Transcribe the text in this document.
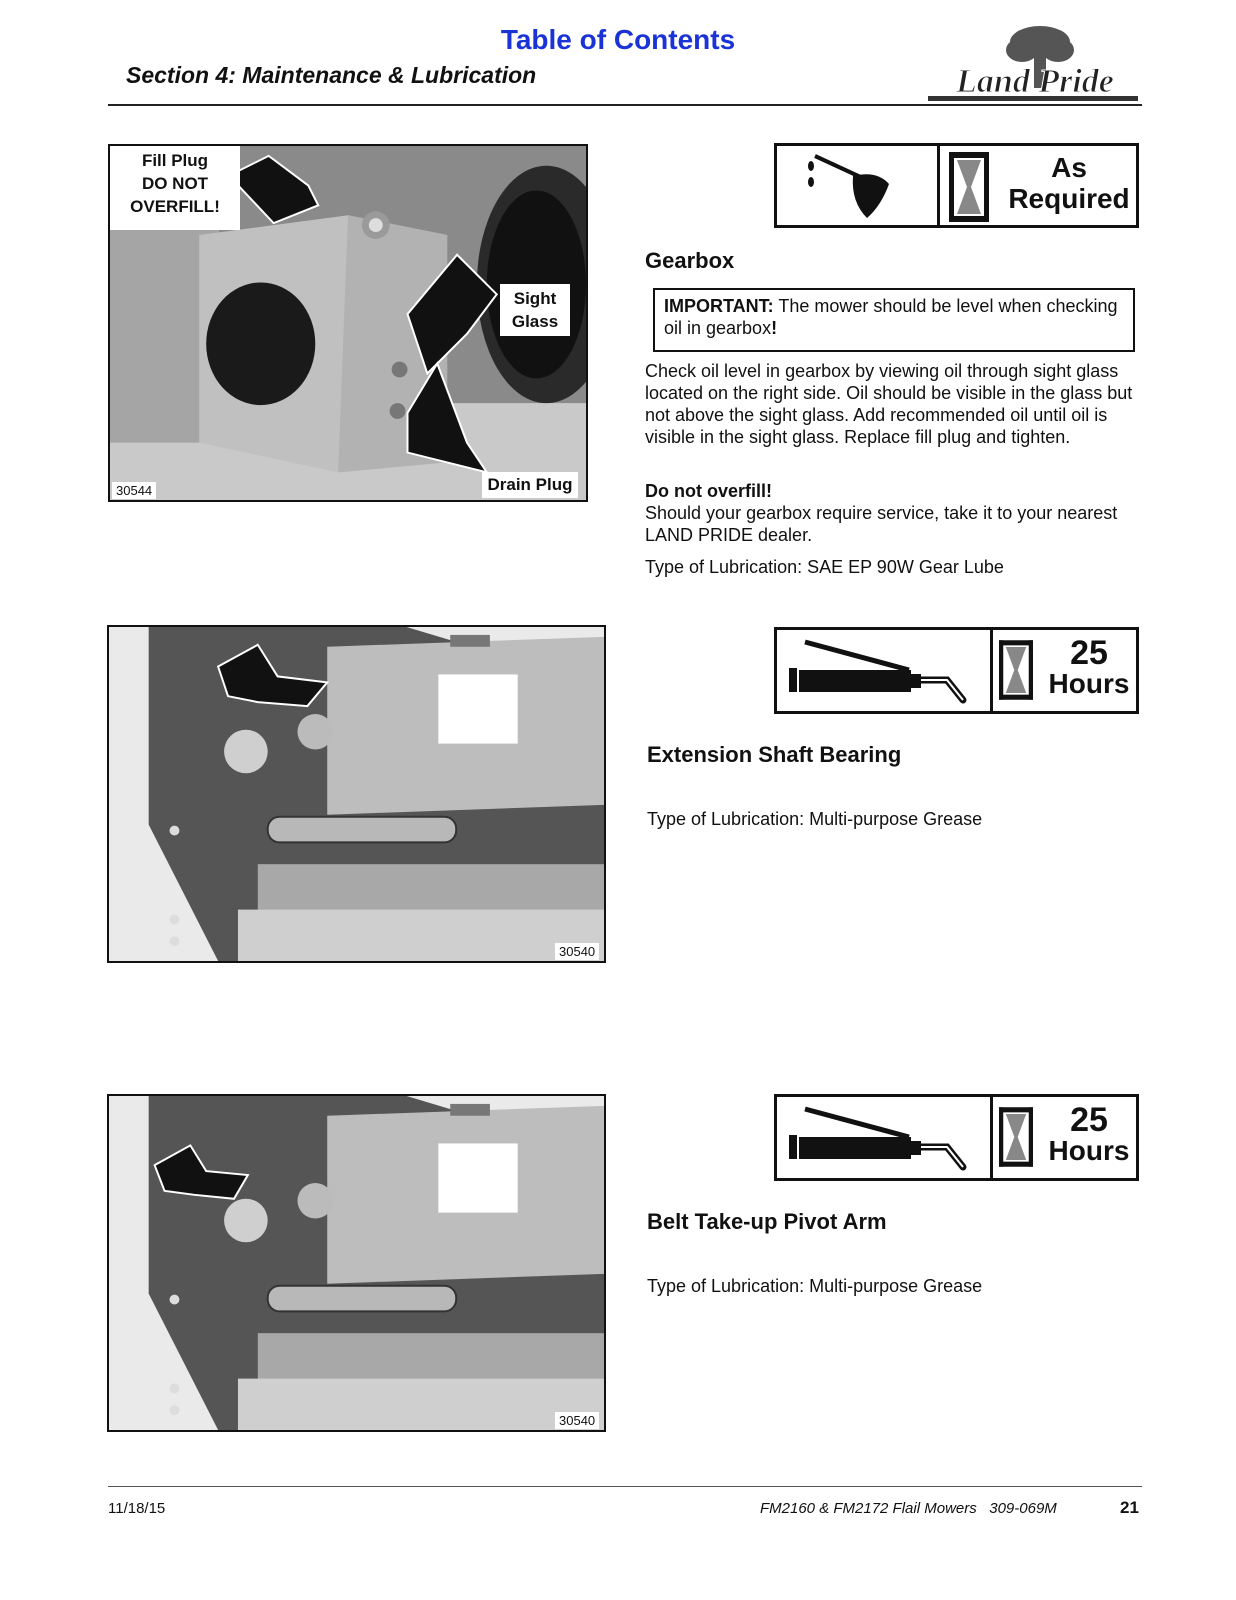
Table of Contents
Section 4: Maintenance & Lubrication	Land Pride
Fill Plug
DO NOT
OVERFILL!
Sight
Glass
Drain Plug
30544
As
Required
Gearbox
IMPORTANT: The mower should be level when checking oil in gearbox!
Check oil level in gearbox by viewing oil through sight glass located on the right side. Oil should be visible in the glass but not above the sight glass. Add recommended oil until oil is visible in the sight glass. Replace fill plug and tighten.
Do not overfill!
Should your gearbox require service, take it to your nearest LAND PRIDE dealer.
Type of Lubrication: SAE EP 90W Gear Lube
30540
25
Hours
Extension Shaft Bearing
Type of Lubrication: Multi-purpose Grease
30540
25
Hours
Belt Take-up Pivot Arm
Type of Lubrication: Multi-purpose Grease
11/18/15	FM2160 & FM2172 Flail Mowers   309-069M	21
